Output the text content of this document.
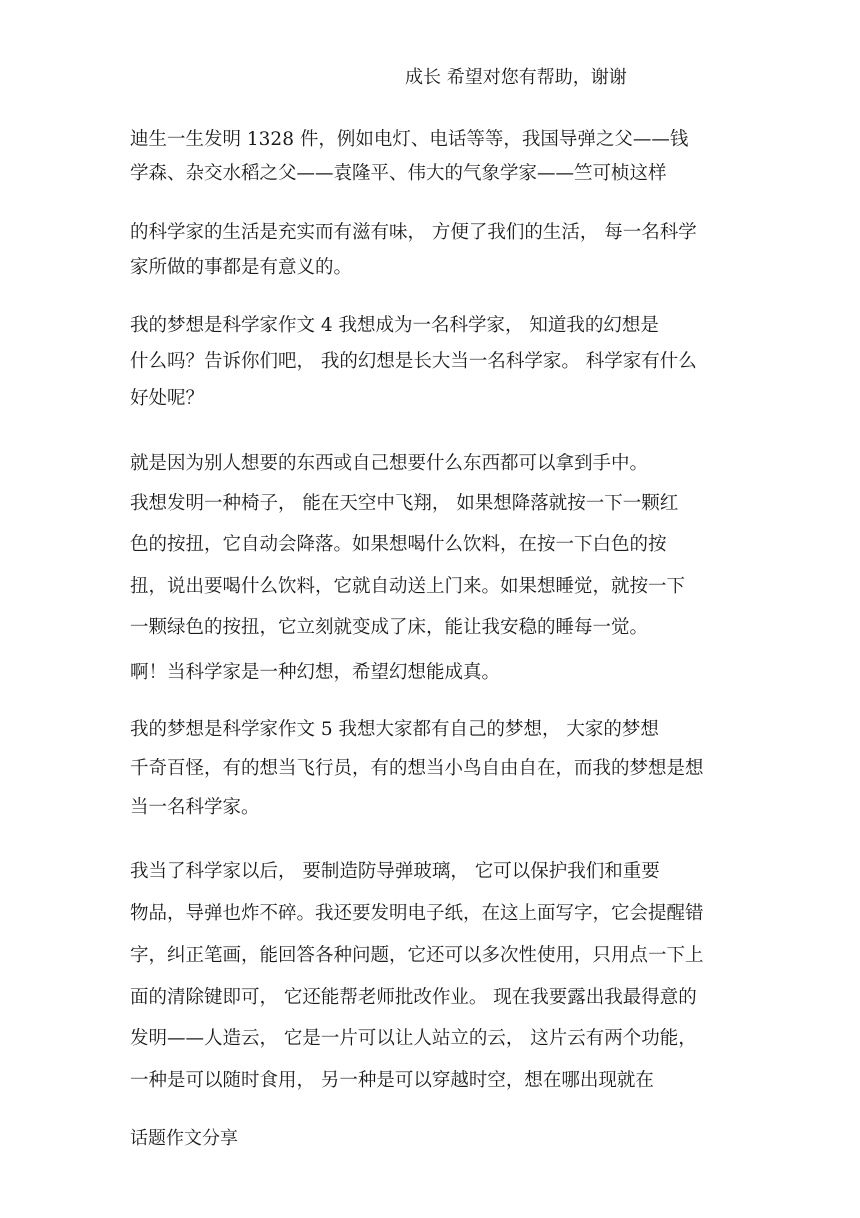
成长 希望对您有帮助，谢谢
迪生一生发明 1328 件，例如电灯、电话等等，我国导弹之父——钱
学森、杂交水稻之父——袁隆平、伟大的气象学家——竺可桢这样
的科学家的生活是充实而有滋有味， 方便了我们的生活， 每一名科学
家所做的事都是有意义的。
我的梦想是科学家作文 4 我想成为一名科学家， 知道我的幻想是
什么吗？告诉你们吧， 我的幻想是长大当一名科学家。 科学家有什么
好处呢？
就是因为别人想要的东西或自己想要什么东西都可以拿到手中。
我想发明一种椅子， 能在天空中飞翔， 如果想降落就按一下一颗红
色的按扭，它自动会降落。如果想喝什么饮料，在按一下白色的按
扭，说出要喝什么饮料，它就自动送上门来。如果想睡觉，就按一下
一颗绿色的按扭，它立刻就变成了床，能让我安稳的睡每一觉。
啊！当科学家是一种幻想，希望幻想能成真。
我的梦想是科学家作文 5 我想大家都有自己的梦想， 大家的梦想
千奇百怪，有的想当飞行员，有的想当小鸟自由自在，而我的梦想是想
当一名科学家。
我当了科学家以后， 要制造防导弹玻璃， 它可以保护我们和重要
物品，导弹也炸不碎。我还要发明电子纸，在这上面写字，它会提醒错
字，纠正笔画，能回答各种问题，它还可以多次性使用，只用点一下上
面的清除键即可， 它还能帮老师批改作业。 现在我要露出我最得意的
发明——人造云， 它是一片可以让人站立的云， 这片云有两个功能，
一种是可以随时食用， 另一种是可以穿越时空，想在哪出现就在
话题作文分享
